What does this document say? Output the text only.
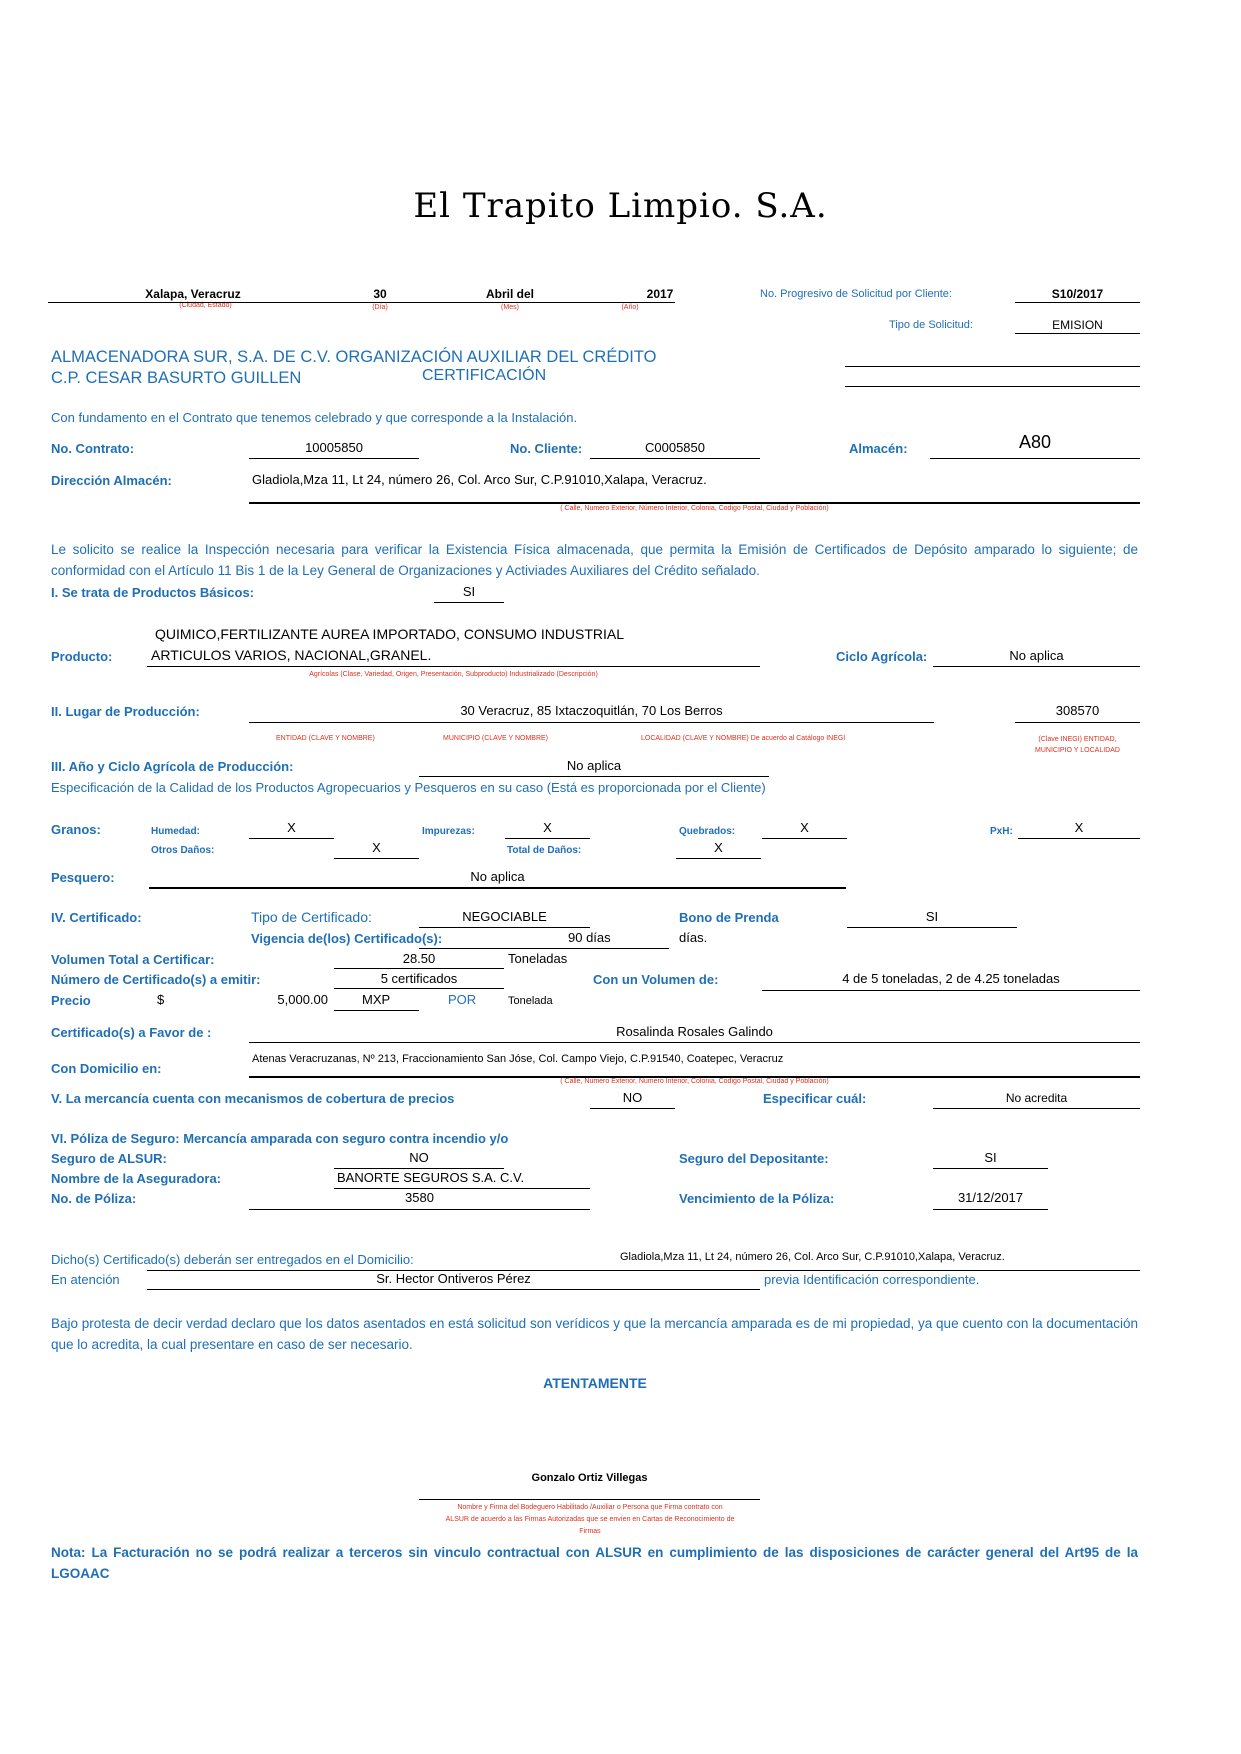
El Trapito Limpio. S.A.
Xalapa, Veracruz
(Ciudad, Estado)
30
(Día)
Abril del
(Mes)
2017
(Año)
No. Progresivo de Solicitud por Cliente:	S10/2017
Tipo de Solicitud:	EMISION
ALMACENADORA SUR, S.A. DE C.V. ORGANIZACIÓN AUXILIAR DEL CRÉDITO
C.P. CESAR BASURTO GUILLEN	CERTIFICACIÓN
Con fundamento en el Contrato que tenemos celebrado y que corresponde a la Instalación.
No. Contrato:	10005850	No. Cliente:	C0005850	Almacén:	A80
Dirección Almacén:	Gladiola,Mza 11, Lt 24, número 26, Col. Arco Sur, C.P.91010,Xalapa, Veracruz.
( Calle, Numero Exterior, Número Interior, Colonia, Codigo Postal, Ciudad y Población)
Le solicito se realice la Inspección necesaria para verificar la Existencia Física almacenada, que permita la Emisión de Certificados de Depósito amparado lo siguiente; de conformidad con el Artículo 11 Bis 1 de la Ley General de Organizaciones y Activiades Auxiliares del Crédito señalado.
I. Se trata de Productos Básicos:	SI
QUIMICO,FERTILIZANTE AUREA IMPORTADO, CONSUMO INDUSTRIAL
Producto:	ARTICULOS VARIOS, NACIONAL,GRANEL.
Agrícolas (Clase, Variedad, Origen, Presentación, Subproducto) Industrializado (Descripción)
Ciclo Agrícola:	No aplica
II. Lugar de Producción:	30 Veracruz, 85 Ixtaczoquitlán, 70 Los Berros	308570
ENTIDAD (CLAVE Y NOMBRE)	MUNICIPIO (CLAVE Y NOMBRE)	LOCALIDAD (CLAVE Y NOMBRE) De acuerdo al Catálogo INEGI	(Clave INEGI) ENTIDAD,
MUNICIPIO Y LOCALIDAD
III. Año y Ciclo Agrícola de Producción:	No aplica
Especificación de la Calidad de los Productos Agropecuarios y Pesqueros en su caso (Está es proporcionada por el Cliente)
Granos:	Humedad:	X	Impurezas:	X	Quebrados:	X	PxH:	X
Otros Daños:	X	Total de Daños:	X
Pesquero:	No aplica
IV. Certificado:	Tipo de Certificado:	NEGOCIABLE	Bono de Prenda	SI
Vigencia de(los) Certificado(s):	90 días	días.
Volumen Total a Certificar:	28.50	Toneladas
Número de Certificado(s) a emitir:	5 certificados	Con un Volumen de:	4 de 5 toneladas, 2 de 4.25 toneladas
Precio	$	5,000.00	MXP	POR	Tonelada
Certificado(s) a Favor de :	Rosalinda Rosales Galindo
Con Domicilio en:
Atenas Veracruzanas, Nº 213, Fraccionamiento San Jóse, Col. Campo Viejo, C.P.91540, Coatepec, Veracruz
( Calle, Numero Exterior, Numero Interior, Colonia, Codigo Postal, Ciudad y Población)
V. La mercancía cuenta con mecanismos de cobertura de precios	NO	Especificar cuál:	No acredita
VI. Póliza de Seguro: Mercancía amparada con seguro contra incendio y/o
Seguro de ALSUR:	NO	Seguro del Depositante:	SI
Nombre de la Aseguradora:	BANORTE SEGUROS S.A. C.V.
No. de Póliza:	3580	Vencimiento de la Póliza:	31/12/2017
Dicho(s) Certificado(s) deberán ser entregados en el Domicilio:	Gladiola,Mza 11, Lt 24, número 26, Col. Arco Sur, C.P.91010,Xalapa, Veracruz.
En atención	Sr. Hector Ontiveros Pérez	previa Identificación correspondiente.
Bajo protesta de decir verdad declaro que los datos asentados en está solicitud son verídicos y que la mercancía amparada es de mi propiedad, ya que cuento con la documentación que lo acredita, la cual presentare en caso de ser necesario.
ATENTAMENTE
Gonzalo Ortiz Villegas
Nombre y Firma del Bodeguero Habilitado /Auxiliar o Persona que Firma contrato con
ALSUR de acuerdo a las Firmas Autorizadas que se envíen en Cartas de Reconocimiento de
Firmas
Nota: La Facturación no se podrá realizar a terceros sin vinculo contractual con ALSUR en cumplimiento de las disposiciones de carácter general del Art95 de la LGOAAC
